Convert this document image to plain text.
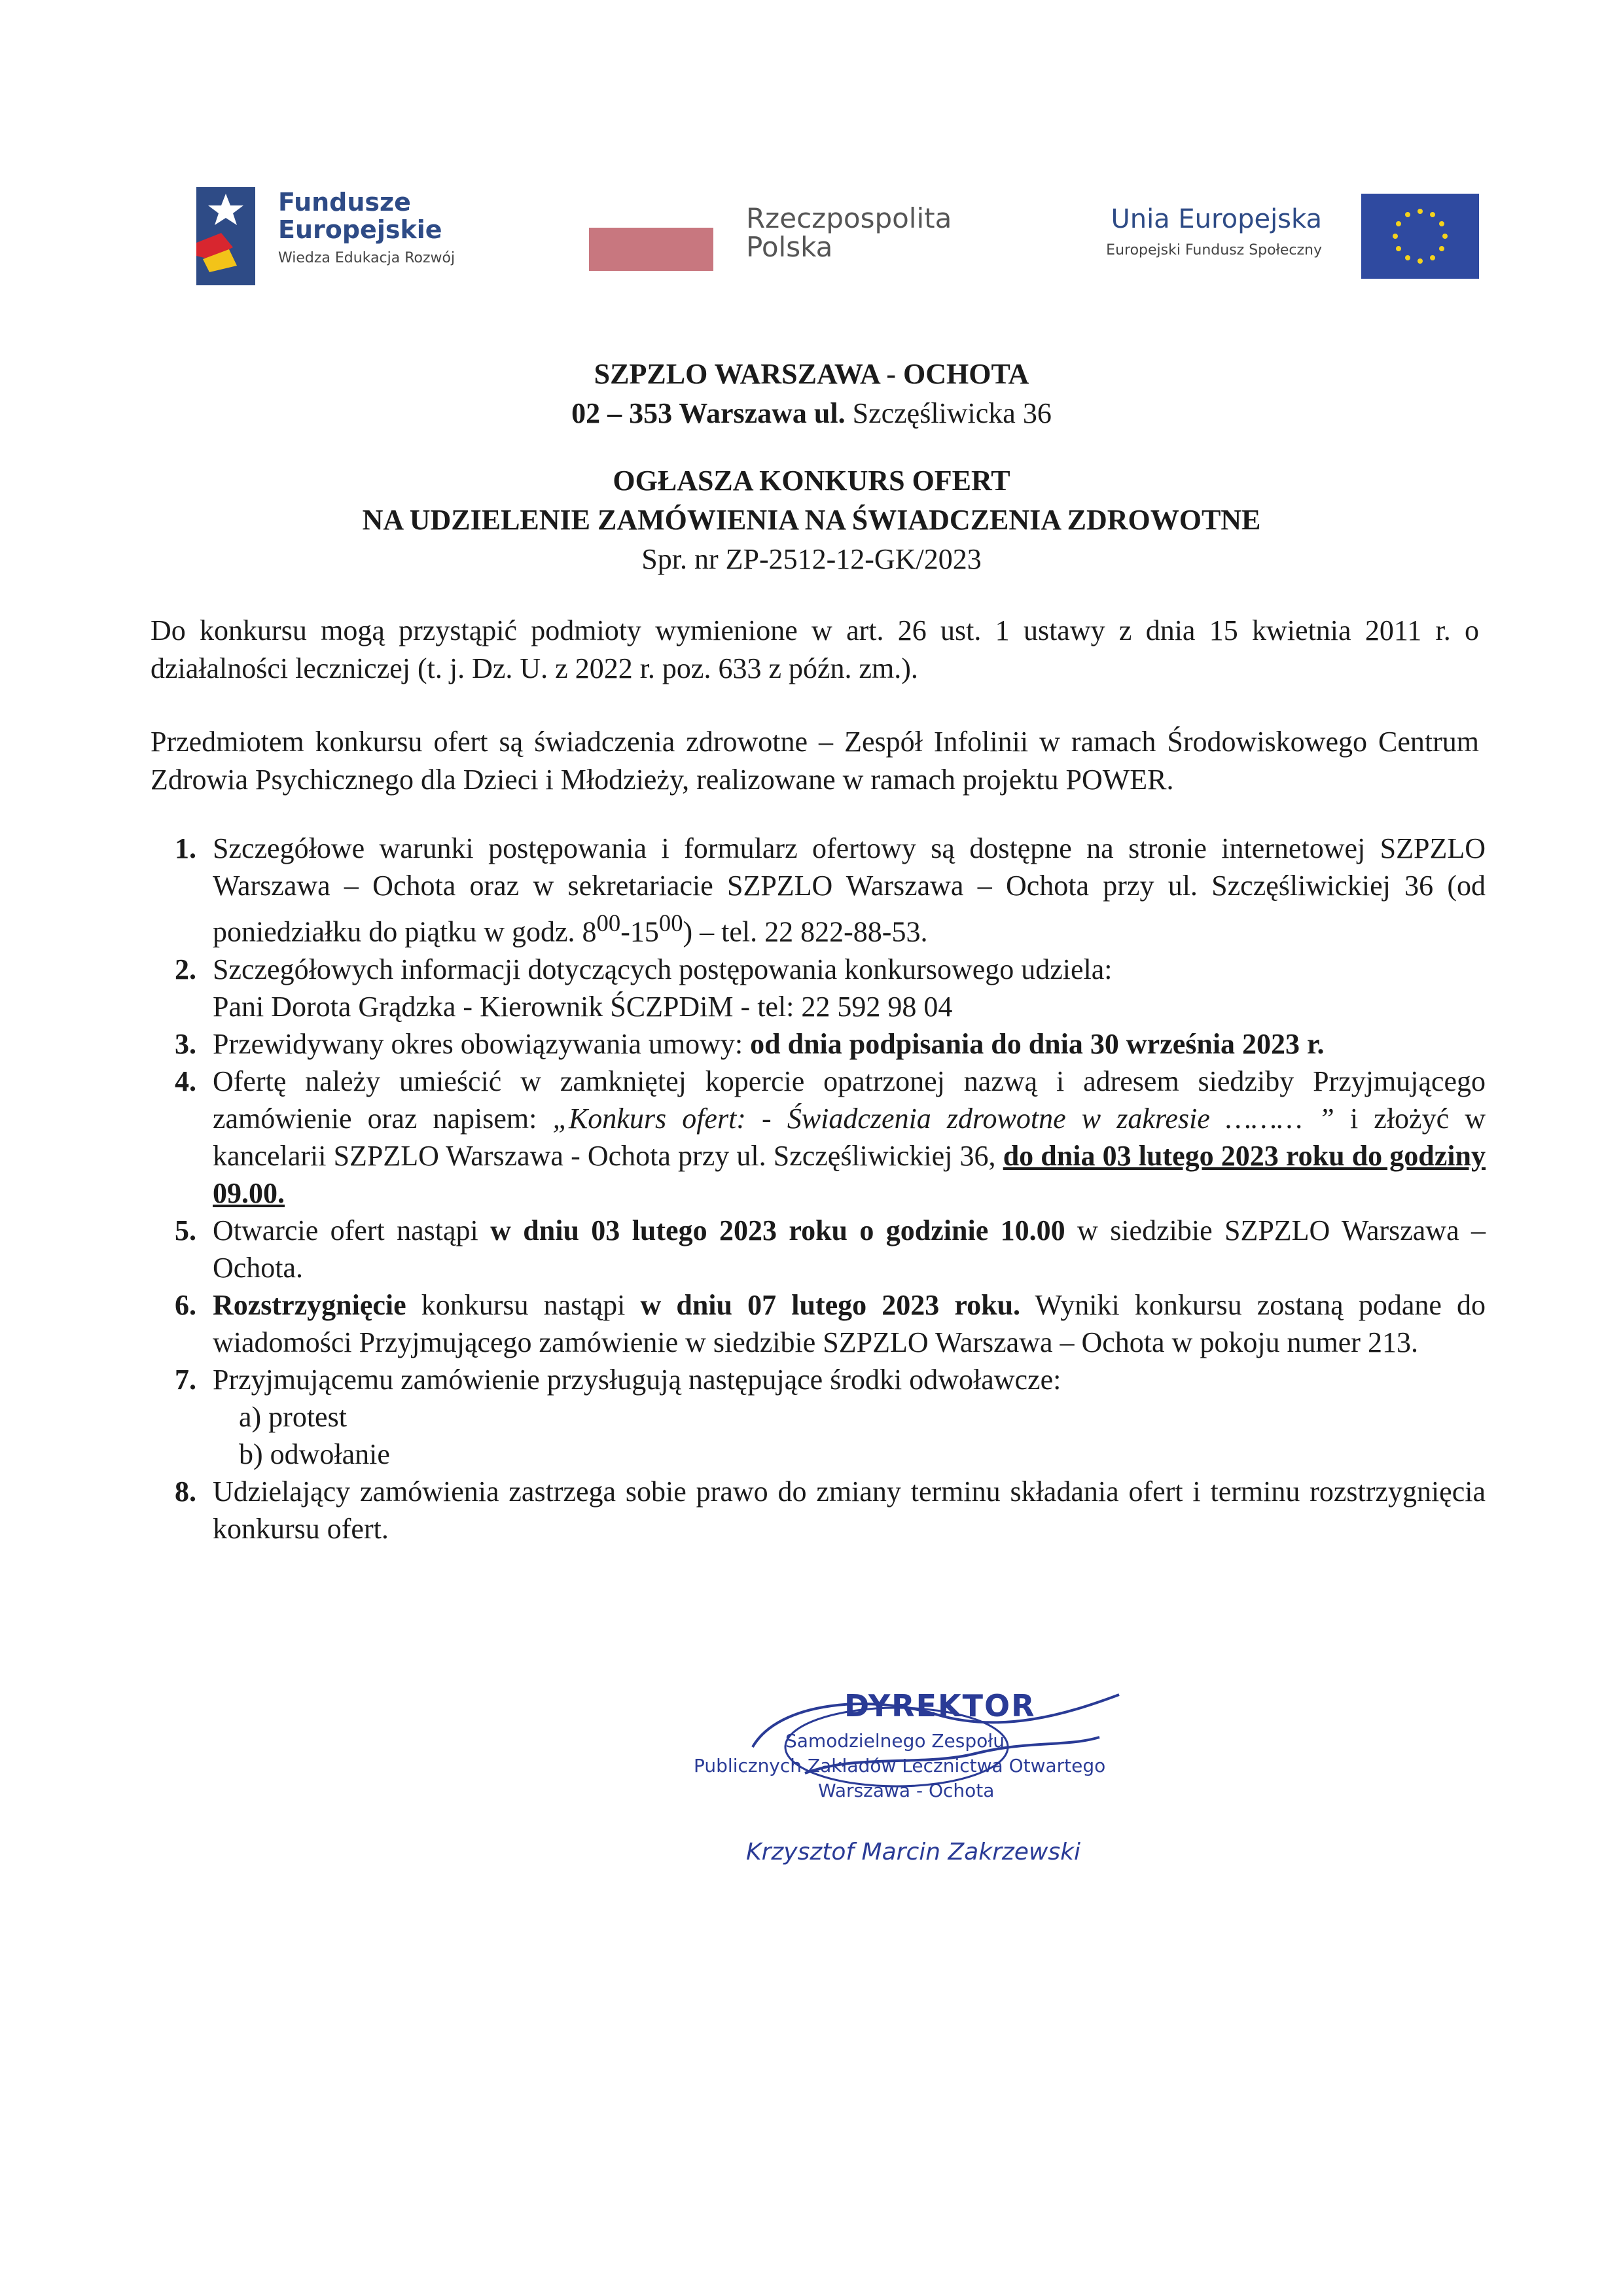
Fundusze
Europejskie
Wiedza Edukacja Rozwój
Rzeczpospolita
Polska
Unia Europejska
Europejski Fundusz Społeczny
SZPZLO WARSZAWA - OCHOTA
02 – 353 Warszawa ul. Szczęśliwicka 36
OGŁASZA KONKURS OFERT
NA UDZIELENIE ZAMÓWIENIA NA ŚWIADCZENIA ZDROWOTNE
Spr. nr ZP-2512-12-GK/2023
Do konkursu mogą przystąpić podmioty wymienione w art. 26 ust. 1 ustawy z dnia 15 kwietnia 2011 r. o działalności leczniczej (t. j. Dz. U. z 2022 r. poz. 633 z późn. zm.).
Przedmiotem konkursu ofert są świadczenia zdrowotne – Zespół Infolinii w ramach Środowiskowego Centrum Zdrowia Psychicznego dla Dzieci i Młodzieży, realizowane w ramach projektu POWER.
1. Szczegółowe warunki postępowania i formularz ofertowy są dostępne na stronie internetowej SZPZLO Warszawa – Ochota oraz w sekretariacie SZPZLO Warszawa – Ochota przy ul. Szczęśliwickiej 36 (od poniedziałku do piątku w godz. $8^{00}-15^{00}$) – tel. 22 822-88-53.
2. Szczegółowych informacji dotyczących postępowania konkursowego udziela:
Pani Dorota Grądzka - Kierownik ŚCZPDiM - tel: 22 592 98 04
3. Przewidywany okres obowiązywania umowy: od dnia podpisania do dnia 30 września 2023 r.
4. Ofertę należy umieścić w zamkniętej kopercie opatrzonej nazwą i adresem siedziby Przyjmującego zamówienie oraz napisem: „Konkurs ofert: - Świadczenia zdrowotne w zakresie ……… ” i złożyć w kancelarii SZPZLO Warszawa - Ochota przy ul. Szczęśliwickiej 36, do dnia 03 lutego 2023 roku do godziny 09.00.
5. Otwarcie ofert nastąpi w dniu 03 lutego 2023 roku o godzinie 10.00 w siedzibie SZPZLO Warszawa – Ochota.
6. Rozstrzygnięcie konkursu nastąpi w dniu 07 lutego 2023 roku. Wyniki konkursu zostaną podane do wiadomości Przyjmującego zamówienie w siedzibie SZPZLO Warszawa – Ochota w pokoju numer 213.
7. Przyjmującemu zamówienie przysługują następujące środki odwoławcze:
a) protest
b) odwołanie
8. Udzielający zamówienia zastrzega sobie prawo do zmiany terminu składania ofert i terminu rozstrzygnięcia konkursu ofert.
DYREKTOR
Samodzielnego Zespołu
Publicznych Zakładów Lecznictwa Otwartego
Warszawa - Ochota
Krzysztof Marcin Zakrzewski
